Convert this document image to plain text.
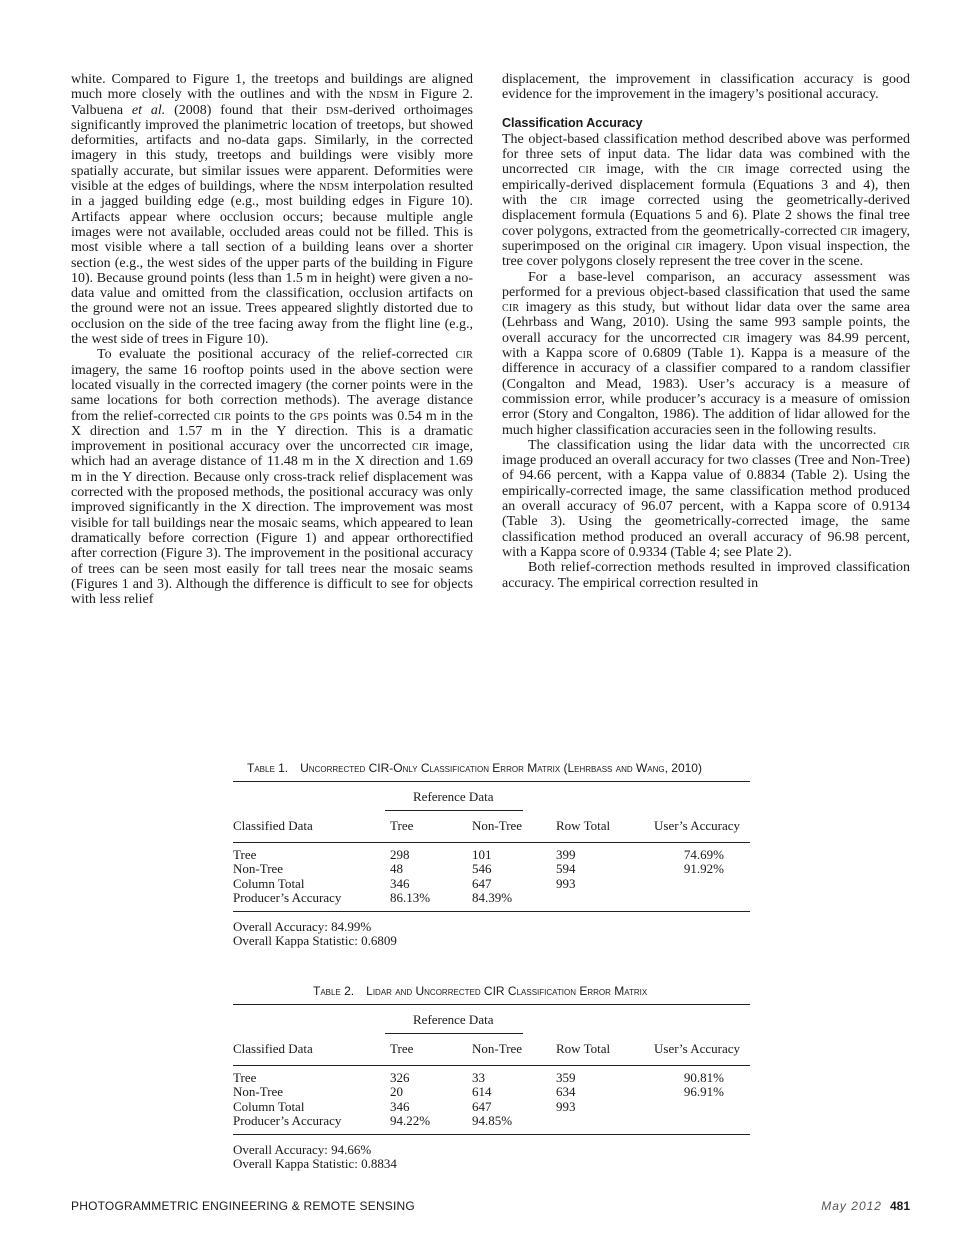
white. Compared to Figure 1, the treetops and buildings are aligned much more closely with the outlines and with the ndsm in Figure 2. Valbuena et al. (2008) found that their dsm-derived orthoimages significantly improved the planimetric location of treetops, but showed deformities, artifacts and no-data gaps. Similarly, in the corrected imagery in this study, treetops and buildings were visibly more spatially accurate, but similar issues were apparent. Deformities were visible at the edges of buildings, where the ndsm interpolation resulted in a jagged building edge (e.g., most building edges in Figure 10). Artifacts appear where occlusion occurs; because multiple angle images were not available, occluded areas could not be filled. This is most visible where a tall section of a building leans over a shorter section (e.g., the west sides of the upper parts of the building in Figure 10). Because ground points (less than 1.5 m in height) were given a no-data value and omitted from the classification, occlusion artifacts on the ground were not an issue. Trees appeared slightly distorted due to occlusion on the side of the tree facing away from the flight line (e.g., the west side of trees in Figure 10).

To evaluate the positional accuracy of the relief-corrected cir imagery, the same 16 rooftop points used in the above section were located visually in the corrected imagery (the corner points were in the same locations for both correction methods). The average distance from the relief-corrected cir points to the gps points was 0.54 m in the X direction and 1.57 m in the Y direction. This is a dramatic improvement in positional accuracy over the uncorrected cir image, which had an average distance of 11.48 m in the X direction and 1.69 m in the Y direction. Because only cross-track relief displacement was corrected with the proposed methods, the positional accuracy was only improved significantly in the X direction. The improvement was most visible for tall buildings near the mosaic seams, which appeared to lean dramatically before correction (Figure 1) and appear orthorectified after correction (Figure 3). The improvement in the positional accuracy of trees can be seen most easily for tall trees near the mosaic seams (Figures 1 and 3). Although the difference is difficult to see for objects with less relief

displacement, the improvement in classification accuracy is good evidence for the improvement in the imagery’s positional accuracy.

Classification Accuracy

The object-based classification method described above was performed for three sets of input data. The lidar data was combined with the uncorrected cir image, with the cir image corrected using the empirically-derived displacement formula (Equations 3 and 4), then with the cir image corrected using the geometrically-derived displacement formula (Equations 5 and 6). Plate 2 shows the final tree cover polygons, extracted from the geometrically-corrected cir imagery, superimposed on the original cir imagery. Upon visual inspection, the tree cover polygons closely represent the tree cover in the scene.

For a base-level comparison, an accuracy assessment was performed for a previous object-based classification that used the same cir imagery as this study, but without lidar data over the same area (Lehrbass and Wang, 2010). Using the same 993 sample points, the overall accuracy for the uncorrected cir imagery was 84.99 percent, with a Kappa score of 0.6809 (Table 1). Kappa is a measure of the difference in accuracy of a classifier compared to a random classifier (Congalton and Mead, 1983). User’s accuracy is a measure of commission error, while producer’s accuracy is a measure of omission error (Story and Congalton, 1986). The addition of lidar allowed for the much higher classification accuracies seen in the following results.

The classification using the lidar data with the uncorrected cir image produced an overall accuracy for two classes (Tree and Non-Tree) of 94.66 percent, with a Kappa value of 0.8834 (Table 2). Using the empirically-corrected image, the same classification method produced an overall accuracy of 96.07 percent, with a Kappa score of 0.9134 (Table 3). Using the geometrically-corrected image, the same classification method produced an overall accuracy of 96.98 percent, with a Kappa score of 0.9334 (Table 4; see Plate 2).

Both relief-correction methods resulted in improved classification accuracy. The empirical correction resulted in

Table 1. Uncorrected CIR-Only Classification Error Matrix (Lehrbass and Wang, 2010)
Reference Data
Classified Data	Tree	Non-Tree	Row Total	User’s Accuracy
Tree	298	101	399	74.69%
Non-Tree	48	546	594	91.92%
Column Total	346	647	993
Producer’s Accuracy	86.13%	84.39%
Overall Accuracy: 84.99%
Overall Kappa Statistic: 0.6809
Table 2. Lidar and Uncorrected CIR Classification Error Matrix
Reference Data
Classified Data	Tree	Non-Tree	Row Total	User’s Accuracy
Tree	326	33	359	90.81%
Non-Tree	20	614	634	96.91%
Column Total	346	647	993
Producer’s Accuracy	94.22%	94.85%
Overall Accuracy: 94.66%
Overall Kappa Statistic: 0.8834
PHOTOGRAMMETRIC ENGINEERING & REMOTE SENSING	May 2012 481
